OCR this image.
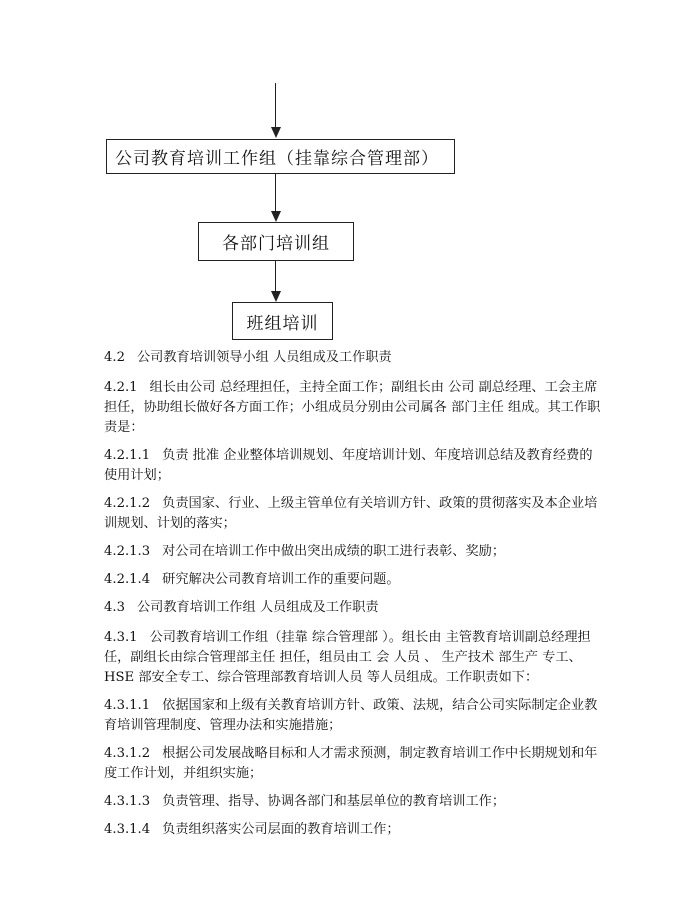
公司教育培训工作组（挂靠综合管理部）
各部门培训组
班组培训

4.2 公司教育培训领导小组 人员组成及工作职责

4.2.1 组长由公司 总经理担任，主持全面工作；副组长由 公司 副总经理、工会主席担任，协助组长做好各方面工作；小组成员分别由公司属各 部门主任 组成。其工作职责是：

4.2.1.1 负责 批准 企业整体培训规划、年度培训计划、年度培训总结及教育经费的使用计划；

4.2.1.2 负责国家、行业、上级主管单位有关培训方针、政策的贯彻落实及本企业培训规划、计划的落实；

4.2.1.3 对公司在培训工作中做出突出成绩的职工进行表彰、奖励；

4.2.1.4 研究解决公司教育培训工作的重要问题。

4.3 公司教育培训工作组 人员组成及工作职责

4.3.1 公司教育培训工作组（挂靠 综合管理部 ）。组长由 主管教育培训副总经理担任，副组长由综合管理部主任 担任，组员由工 会 人员 、 生产技术 部生产 专工、 HSE 部安全专工、综合管理部教育培训人员 等人员组成。工作职责如下：

4.3.1.1 依据国家和上级有关教育培训方针、政策、法规，结合公司实际制定企业教育培训管理制度、管理办法和实施措施；

4.3.1.2 根据公司发展战略目标和人才需求预测，制定教育培训工作中长期规划和年度工作计划，并组织实施；

4.3.1.3 负责管理、指导、协调各部门和基层单位的教育培训工作；

4.3.1.4 负责组织落实公司层面的教育培训工作；
